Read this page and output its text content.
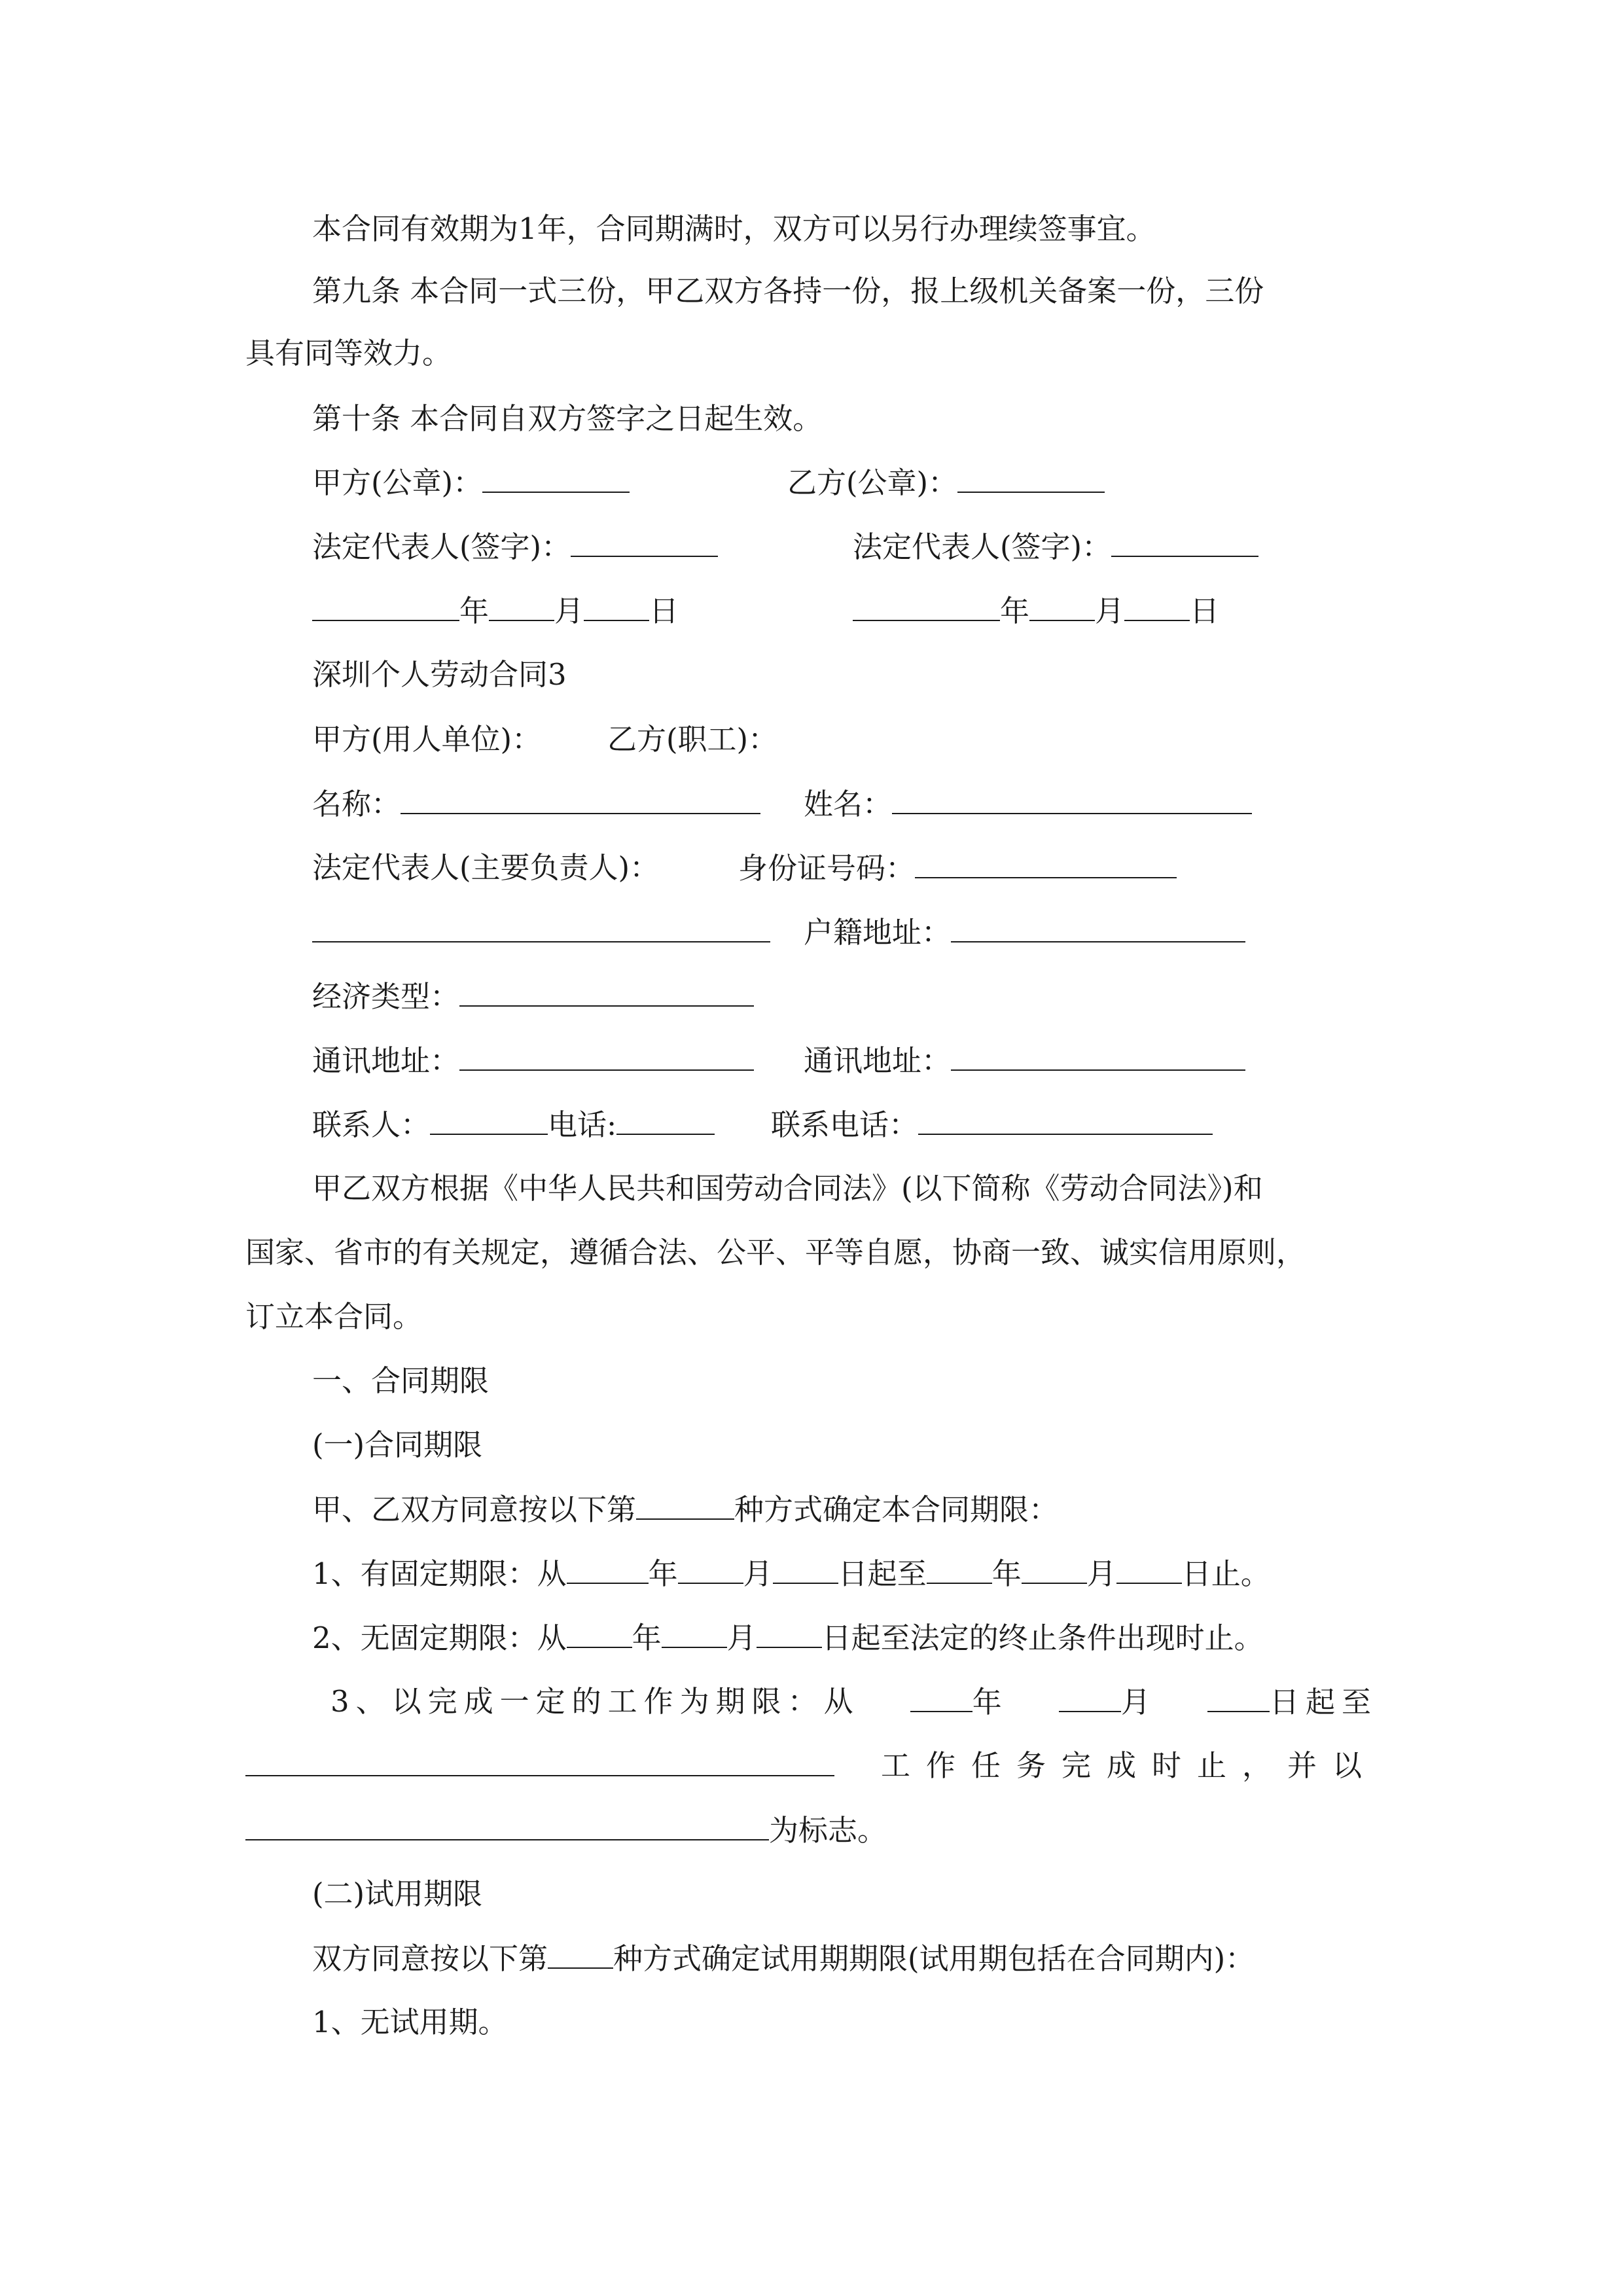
本合同有效期为1年，合同期满时，双方可以另行办理续签事宜。
第九条 本合同一式三份，甲乙双方各持一份，报上级机关备案一份，三份
具有同等效力。
第十条 本合同自双方签字之日起生效。
甲方(公章)：	乙方(公章)：
法定代表人(签字)：	法定代表人(签字)：
年 月 日	年 月 日
深圳个人劳动合同3
甲方(用人单位)： 乙方(职工)：
名称：	姓名：
法定代表人(主要负责人)：	身份证号码：
户籍地址：
经济类型：
通讯地址：	通讯地址：
联系人：	电话:	联系电话：
甲乙双方根据《中华人民共和国劳动合同法》(以下简称《劳动合同法》)和
国家、省市的有关规定，遵循合法、公平、平等自愿，协商一致、诚实信用原则，
订立本合同。
一、合同期限
(一)合同期限
甲、乙双方同意按以下第	种方式确定本合同期限：
1、有固定期限：从	年 月 日起至 年 月 日止。
2、无固定期限：从 年 月 日起至法定的终止条件出现时止。
3、以完成一定的工作为期限：从	年	月	日起至
工作任务完成时止，并以
为标志。
(二)试用期限
双方同意按以下第 种方式确定试用期期限(试用期包括在合同期内)：
1、无试用期。
